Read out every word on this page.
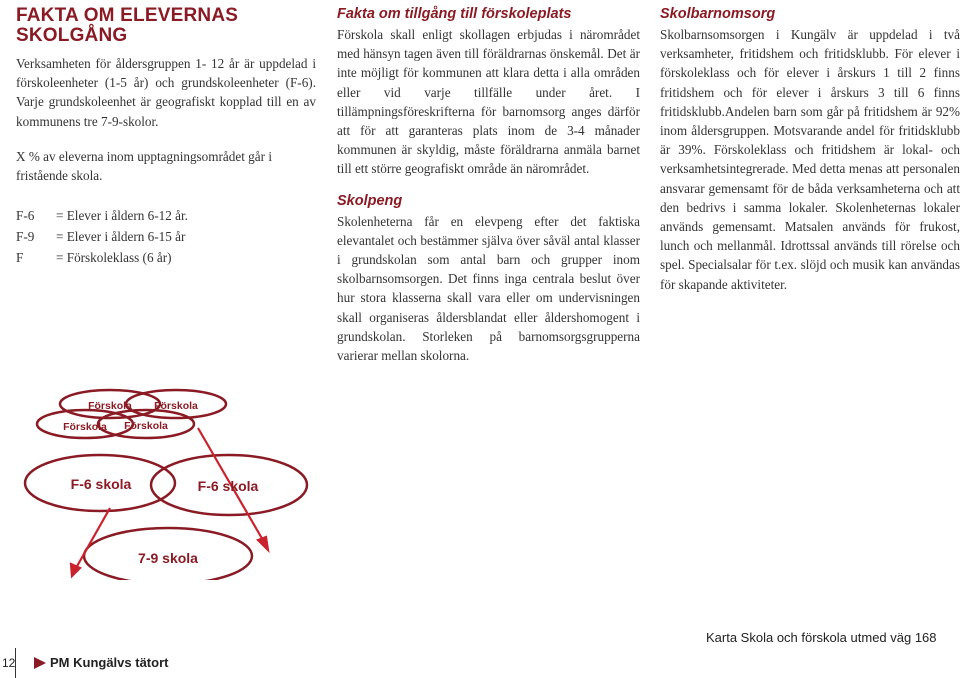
FAKTA OM ELEVERNAS SKOLGÅNG

Verksamheten för åldersgruppen 1- 12 år är uppdelad i förskoleenheter (1-5 år) och grundskoleenheter (F-6). Varje grundskoleenhet är geografiskt kopplad till en av kommunens tre 7-9-skolor.

X % av eleverna inom upptagningsområdet går i fristående skola.

F-6	= Elever i åldern 6-12 år.
F-9	= Elever i åldern 6-15 år
F	= Förskoleklass (6 år)
Fakta om tillgång till förskoleplats

Förskola skall enligt skollagen erbjudas i närområdet med hänsyn tagen även till föräldrarnas önskemål. Det är inte möjligt för kommunen att klara detta i alla områden eller vid varje tillfälle under året. I tillämpningsföreskrifterna för barnomsorg anges därför att för att garanteras plats inom de 3-4 månader kommunen är skyldig, måste föräldrarna anmäla barnet till ett större geografiskt område än närområdet.

Skolpeng

Skolenheterna får en elevpeng efter det faktiska elevantalet och bestämmer själva över såväl antal klasser i grundskolan som antal barn och grupper inom skolbarnsomsorgen. Det finns inga centrala beslut över hur stora klasserna skall vara eller om undervisningen skall organiseras åldersblandat eller åldershomogent i grundskolan. Storleken på barnomsorgsgrupperna varierar mellan skolorna.

Skolbarnomsorg

Skolbarnsomsorgen i Kungälv är uppdelad i två verksamheter, fritidshem och fritidsklubb. För elever i förskoleklass och för elever i årskurs 1 till 2 finns fritidshem och för elever i årskurs 3 till 6 finns fritidsklubb.Andelen barn som går på fritidshem är 92% inom åldersgruppen. Motsvarande andel för fritidsklubb är 39%. Förskoleklass och fritidshem är lokal- och verksamhetsintegrerade. Med detta menas att personalen ansvarar gemensamt för de båda verksamheterna och att den bedrivs i samma lokaler. Skolenheternas lokaler används gemensamt. Matsalen används för frukost, lunch och mellanmål. Idrottssal används till rörelse och spel. Specialsalar för t.ex. slöjd och musik kan användas för skapande aktiviteter.

Förskola Förskola
Förskola Förskola
F-6 skola	F-6 skola
7-9 skola
Karta Skola och förskola utmed väg 168
12	PM Kungälvs tätort
